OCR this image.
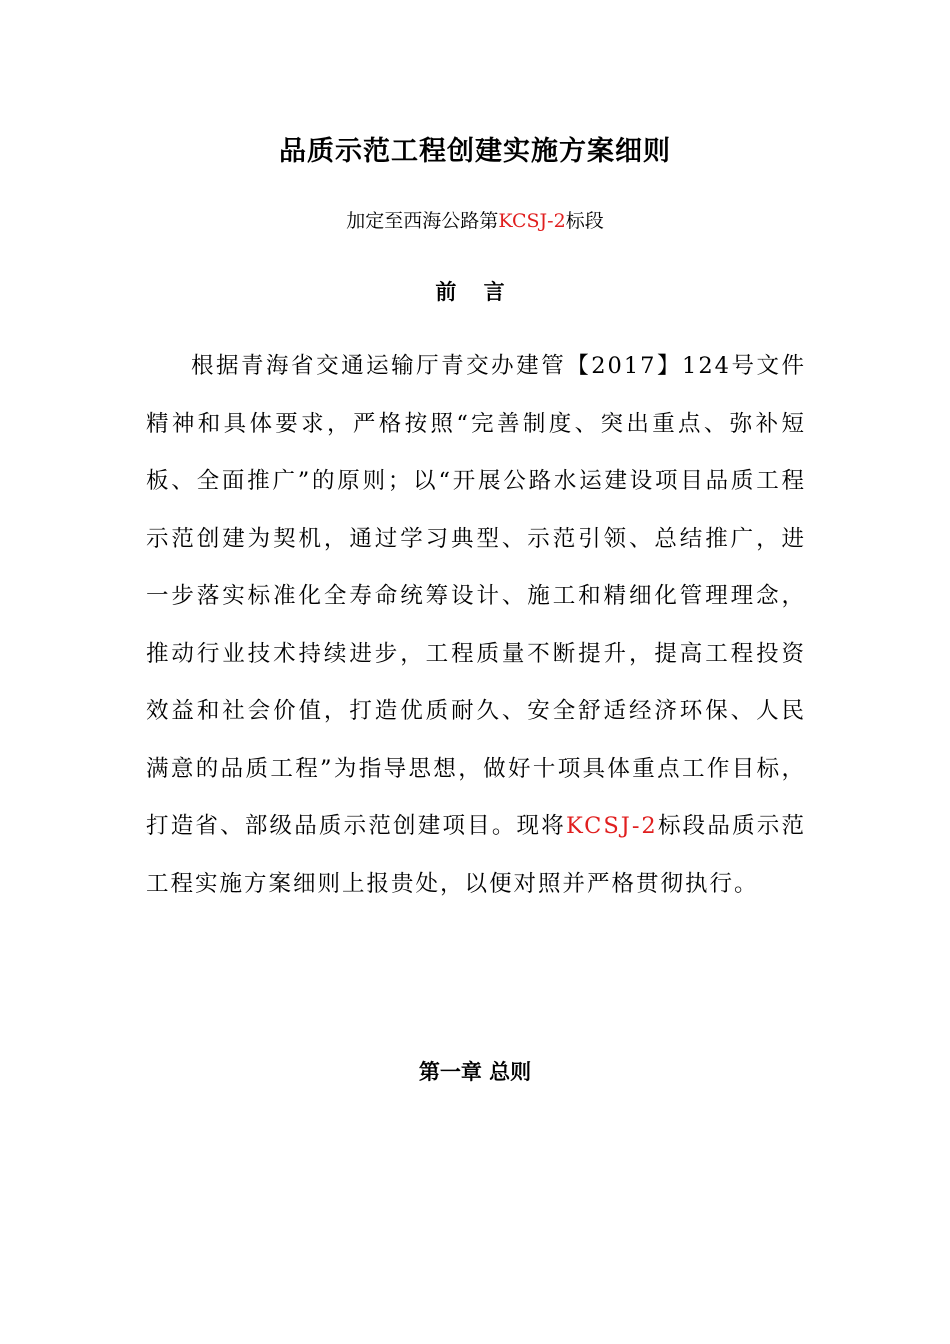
品质示范工程创建实施方案细则
加定至西海公路第KCSJ-2标段
前 言
根据青海省交通运输厅青交办建管【2017】124号文件精神和具体要求，严格按照“完善制度、突出重点、弥补短板、全面推广”的原则；以“开展公路水运建设项目品质工程示范创建为契机，通过学习典型、示范引领、总结推广，进一步落实标准化全寿命统筹设计、施工和精细化管理理念，推动行业技术持续进步，工程质量不断提升，提高工程投资效益和社会价值，打造优质耐久、安全舒适经济环保、人民满意的品质工程”为指导思想，做好十项具体重点工作目标，打造省、部级品质示范创建项目。现将KCSJ-2标段品质示范工程实施方案细则上报贵处，以便对照并严格贯彻执行。
第一章 总则
